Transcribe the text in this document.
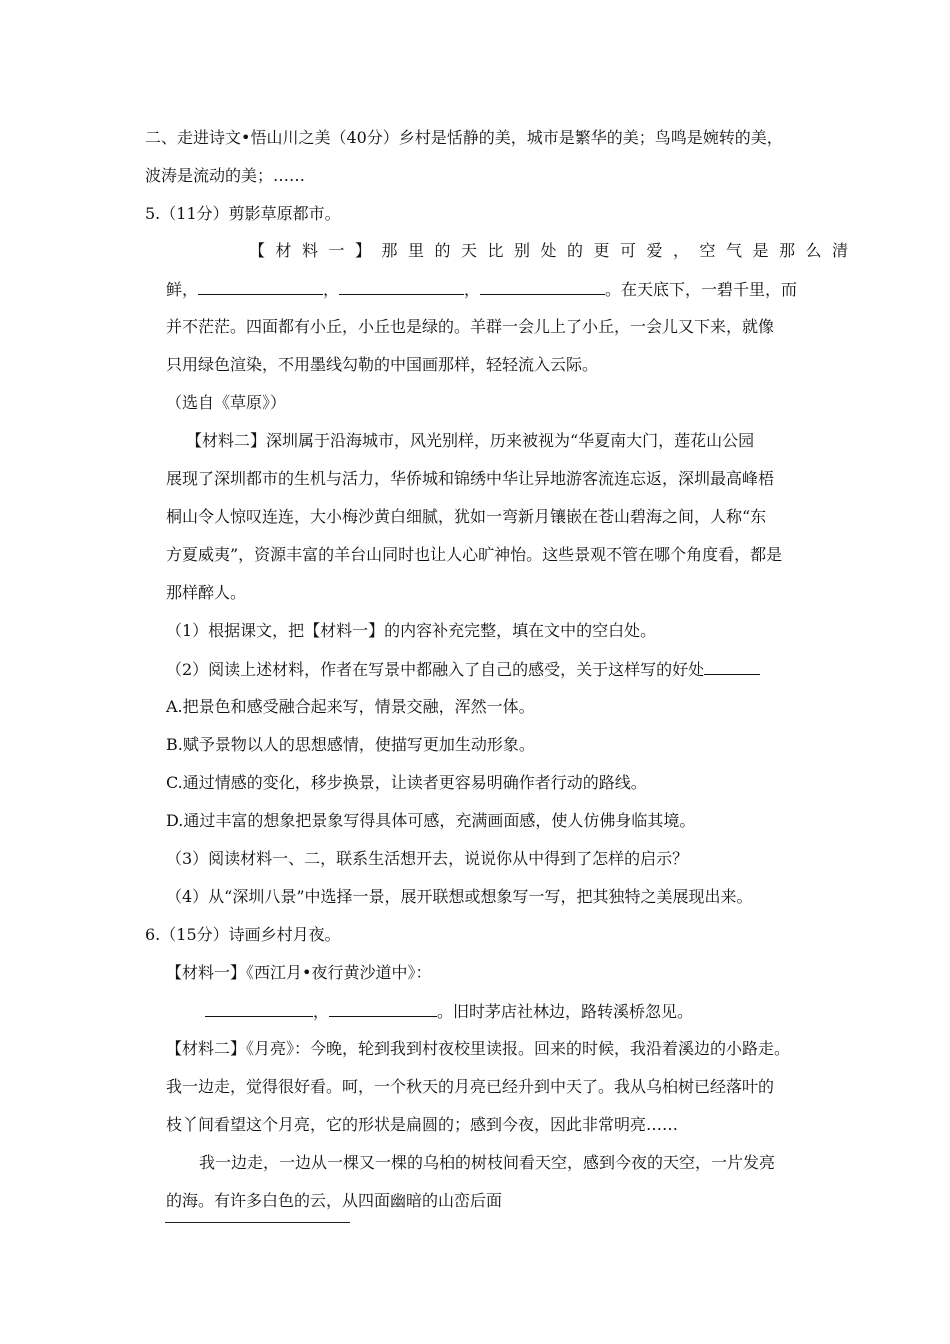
二、走进诗文•悟山川之美（40分）乡村是恬静的美，城市是繁华的美；鸟鸣是婉转的美，
波涛是流动的美；……
5.（11分）剪影草原都市。
【材料一】那里的天比别处的更可爱，空气是那么清
鲜，	，	，	。在天底下，一碧千里，而
并不茫茫。四面都有小丘，小丘也是绿的。羊群一会儿上了小丘，一会儿又下来，就像
只用绿色渲染，不用墨线勾勒的中国画那样，轻轻流入云际。
（选自《草原》）
【材料二】深圳属于沿海城市，风光别样，历来被视为“华夏南大门，莲花山公园
展现了深圳都市的生机与活力，华侨城和锦绣中华让异地游客流连忘返，深圳最高峰梧
桐山令人惊叹连连，大小梅沙黄白细腻，犹如一弯新月镶嵌在苍山碧海之间，人称“东
方夏威夷”，资源丰富的羊台山同时也让人心旷神怡。这些景观不管在哪个角度看，都是
那样醉人。
（1）根据课文，把【材料一】的内容补充完整，填在文中的空白处。
（2）阅读上述材料，作者在写景中都融入了自己的感受，关于这样写的好处
A.把景色和感受融合起来写，情景交融，浑然一体。
B.赋予景物以人的思想感情，使描写更加生动形象。
C.通过情感的变化，移步换景，让读者更容易明确作者行动的路线。
D.通过丰富的想象把景象写得具体可感，充满画面感，使人仿佛身临其境。
（3）阅读材料一、二，联系生活想开去，说说你从中得到了怎样的启示？
（4）从“深圳八景”中选择一景，展开联想或想象写一写，把其独特之美展现出来。
6.（15分）诗画乡村月夜。
【材料一】《西江月•夜行黄沙道中》：
，	。旧时茅店社林边，路转溪桥忽见。
【材料二】《月亮》：今晚，轮到我到村夜校里读报。回来的时候，我沿着溪边的小路走。
我一边走，觉得很好看。呵，一个秋天的月亮已经升到中天了。我从乌桕树已经落叶的
枝丫间看望这个月亮，它的形状是扁圆的；感到今夜，因此非常明亮……
我一边走，一边从一棵又一棵的乌桕的树枝间看天空，感到今夜的天空，一片发亮
的海。有许多白色的云，从四面幽暗的山峦后面
